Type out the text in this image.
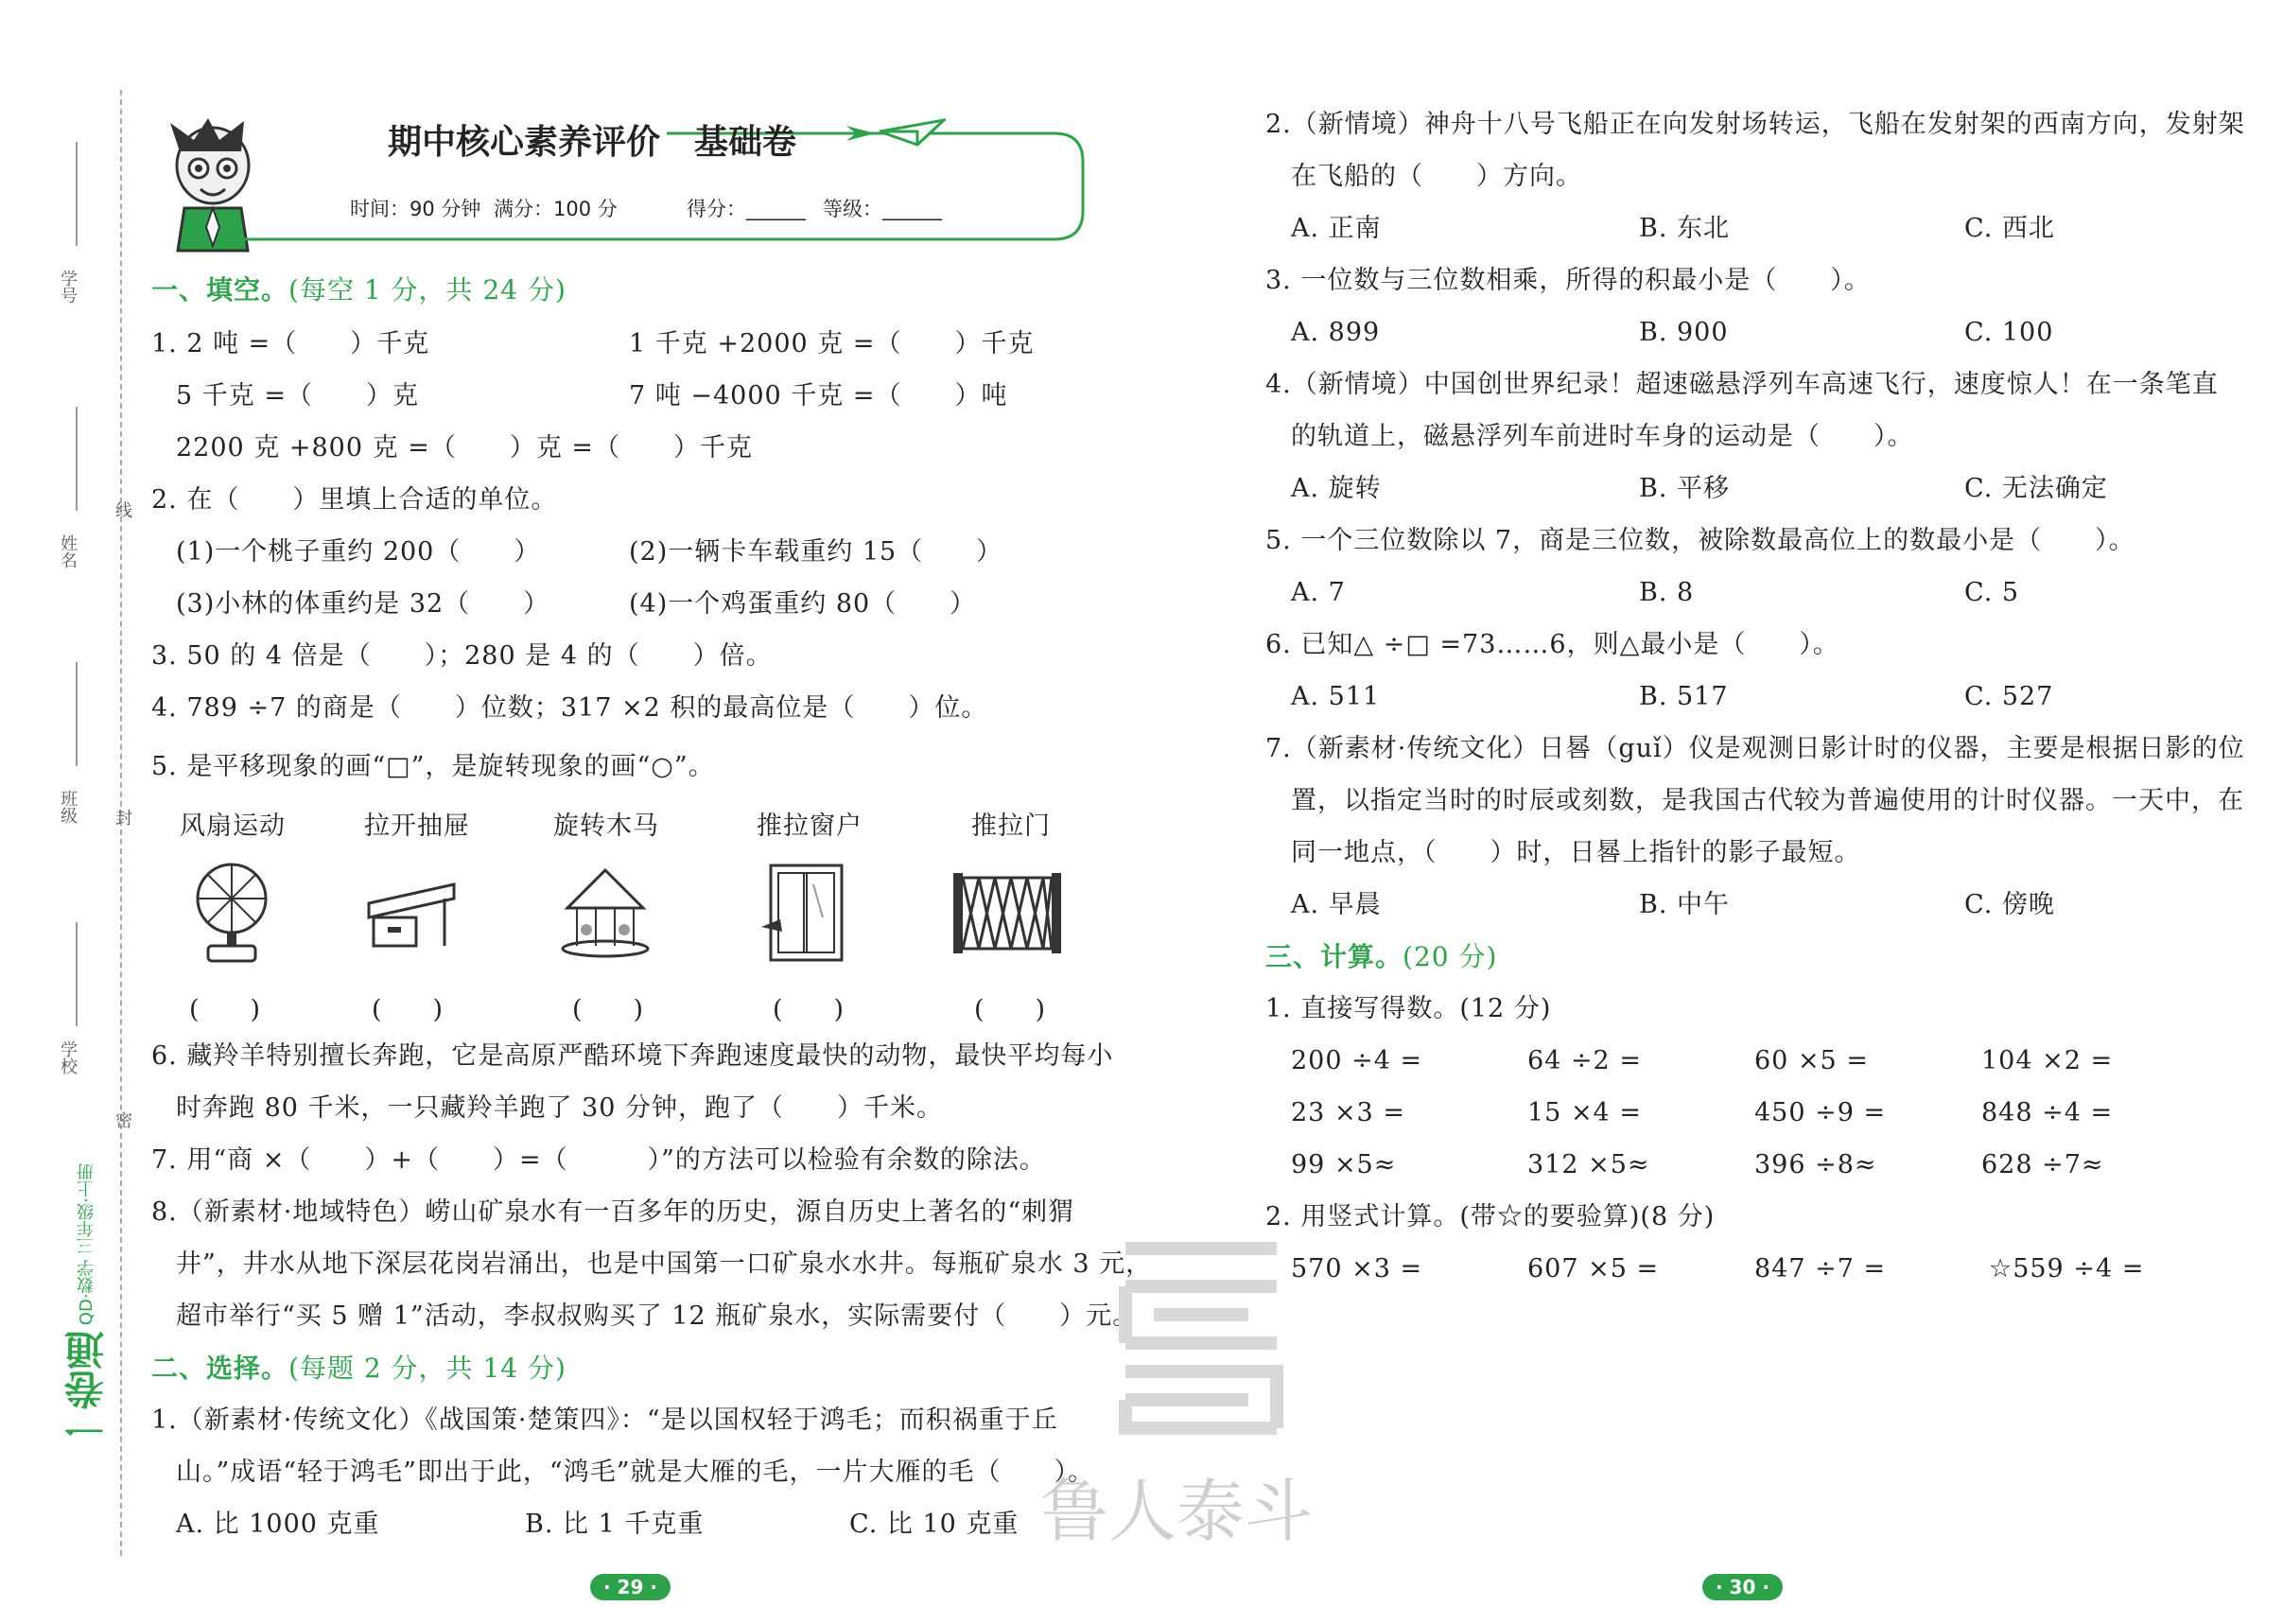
学号
姓名
班级
学校
线
封
密
一卷通 QD·数学 三年级·上册
期中核心素养评价　基础卷
时间：90 分钟 满分：100 分	得分：______ 等级：______
一、填空。(每空 1 分，共 24 分)
1. 2 吨 =（　　）千克	1 千克 +2000 克 =（　　）千克
5 千克 =（　　）克	7 吨 −4000 千克 =（　　）吨
2200 克 +800 克 =（　　）克 =（　　）千克
2. 在（　　）里填上合适的单位。
(1)一个桃子重约 200（　　）	(2)一辆卡车载重约 15（　　）
(3)小林的体重约是 32（　　）	(4)一个鸡蛋重约 80（　　）
3. 50 的 4 倍是（　　）；280 是 4 的（　　）倍。
4. 789 ÷7 的商是（　　）位数；317 ×2 积的最高位是（　　）位。
5. 是平移现象的画“□”，是旋转现象的画“○”。
风扇运动	拉开抽屉	旋转木马	推拉窗户	推拉门
(　　)	(　　)	(　　)	(　　)	(　　)
6. 藏羚羊特别擅长奔跑，它是高原严酷环境下奔跑速度最快的动物，最快平均每小
时奔跑 80 千米，一只藏羚羊跑了 30 分钟，跑了（　　）千米。
7. 用“商 ×（　　）+（　　）=（　　　）”的方法可以检验有余数的除法。
8.（新素材·地域特色）崂山矿泉水有一百多年的历史，源自历史上著名的“刺猬
井”，井水从地下深层花岗岩涌出，也是中国第一口矿泉水水井。每瓶矿泉水 3 元，
超市举行“买 5 赠 1”活动，李叔叔购买了 12 瓶矿泉水，实际需要付（　　）元。
二、选择。(每题 2 分，共 14 分)
1.（新素材·传统文化）《战国策·楚策四》：“是以国权轻于鸿毛；而积祸重于丘
山。”成语“轻于鸿毛”即出于此，“鸿毛”就是大雁的毛，一片大雁的毛（　　）。
A. 比 1000 克重	B. 比 1 千克重	C. 比 10 克重
· 29 ·
2.（新情境）神舟十八号飞船正在向发射场转运，飞船在发射架的西南方向，发射架
在飞船的（　　）方向。
A. 正南	B. 东北	C. 西北
3. 一位数与三位数相乘，所得的积最小是（　　）。
A. 899	B. 900	C. 100
4.（新情境）中国创世界纪录！超速磁悬浮列车高速飞行，速度惊人！在一条笔直
的轨道上，磁悬浮列车前进时车身的运动是（　　）。
A. 旋转	B. 平移	C. 无法确定
5. 一个三位数除以 7，商是三位数，被除数最高位上的数最小是（　　）。
A. 7	B. 8	C. 5
6. 已知△ ÷□ =73……6，则△最小是（　　）。
A. 511	B. 517	C. 527
7.（新素材·传统文化）日晷（guǐ）仪是观测日影计时的仪器，主要是根据日影的位
置，以指定当时的时辰或刻数，是我国古代较为普遍使用的计时仪器。一天中，在
同一地点，（　　）时，日晷上指针的影子最短。
A. 早晨	B. 中午	C. 傍晚
三、计算。(20 分)
1. 直接写得数。(12 分)
200 ÷4 =	64 ÷2 =	60 ×5 =	104 ×2 =
23 ×3 =	15 ×4 =	450 ÷9 =	848 ÷4 =
99 ×5≈	312 ×5≈	396 ÷8≈	628 ÷7≈
2. 用竖式计算。(带☆的要验算)(8 分)
570 ×3 =	607 ×5 =	847 ÷7 =	☆559 ÷4 =
· 30 ·
鲁人泰斗
